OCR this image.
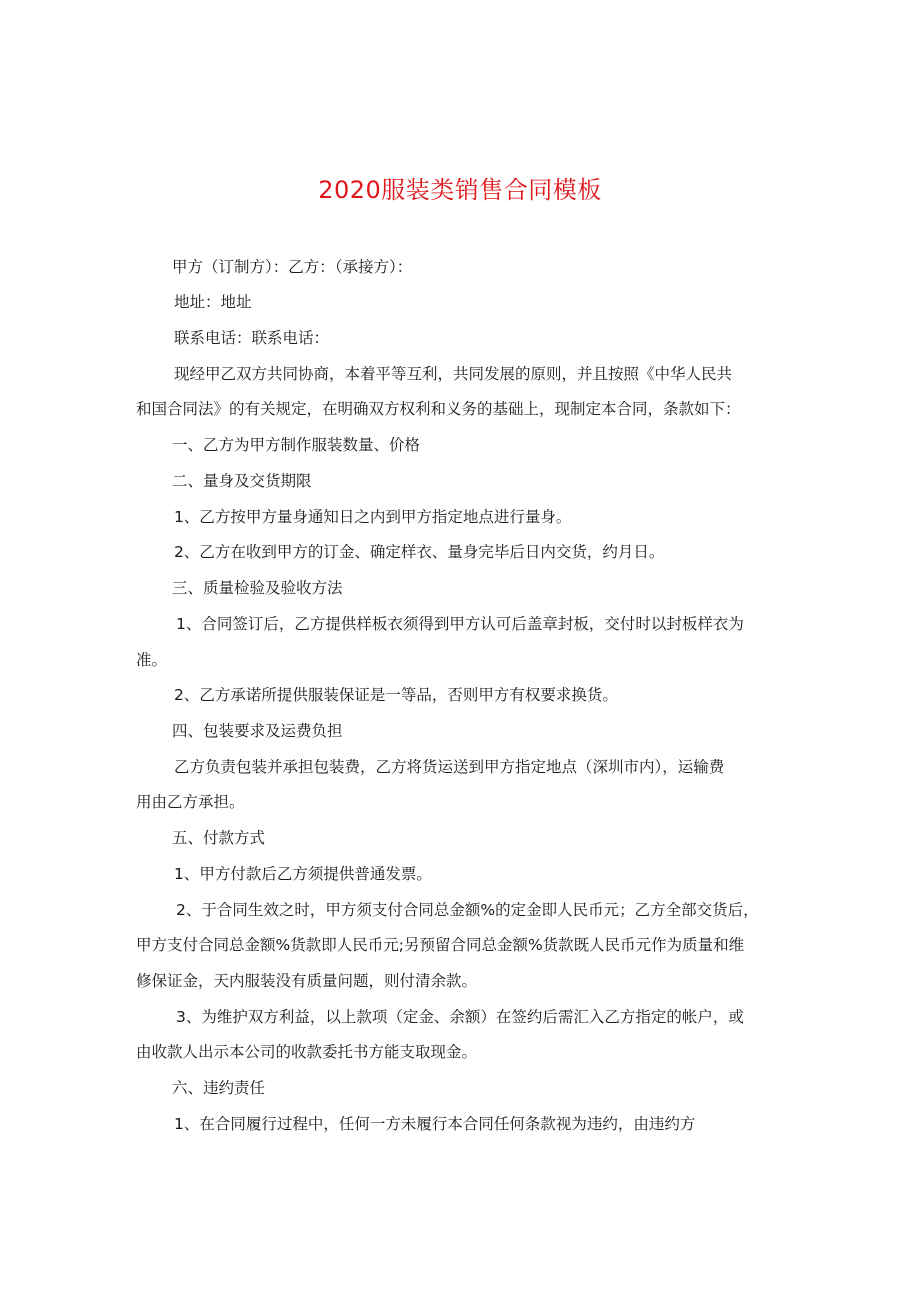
2020服装类销售合同模板
甲方（订制方）：乙方：（承接方）：
地址：地址
联系电话：联系电话：
现经甲乙双方共同协商，本着平等互利，共同发展的原则，并且按照《中华人民共
和国合同法》的有关规定，在明确双方权利和义务的基础上，现制定本合同，条款如下：
一、乙方为甲方制作服装数量、价格
二、量身及交货期限
1、乙方按甲方量身通知日之内到甲方指定地点进行量身。
2、乙方在收到甲方的订金、确定样衣、量身完毕后日内交货，约月日。
三、质量检验及验收方法
1、合同签订后，乙方提供样板衣须得到甲方认可后盖章封板，交付时以封板样衣为
准。
2、乙方承诺所提供服装保证是一等品，否则甲方有权要求换货。
四、包装要求及运费负担
乙方负责包装并承担包装费，乙方将货运送到甲方指定地点（深圳市内），运输费
用由乙方承担。
五、付款方式
1、甲方付款后乙方须提供普通发票。
2、于合同生效之时，甲方须支付合同总金额%的定金即人民币元；乙方全部交货后，
甲方支付合同总金额%货款即人民币元;另预留合同总金额%货款既人民币元作为质量和维
修保证金，天内服装没有质量问题，则付清余款。
3、为维护双方利益，以上款项（定金、余额）在签约后需汇入乙方指定的帐户，或
由收款人出示本公司的收款委托书方能支取现金。
六、违约责任
1、在合同履行过程中，任何一方未履行本合同任何条款视为违约，由违约方
